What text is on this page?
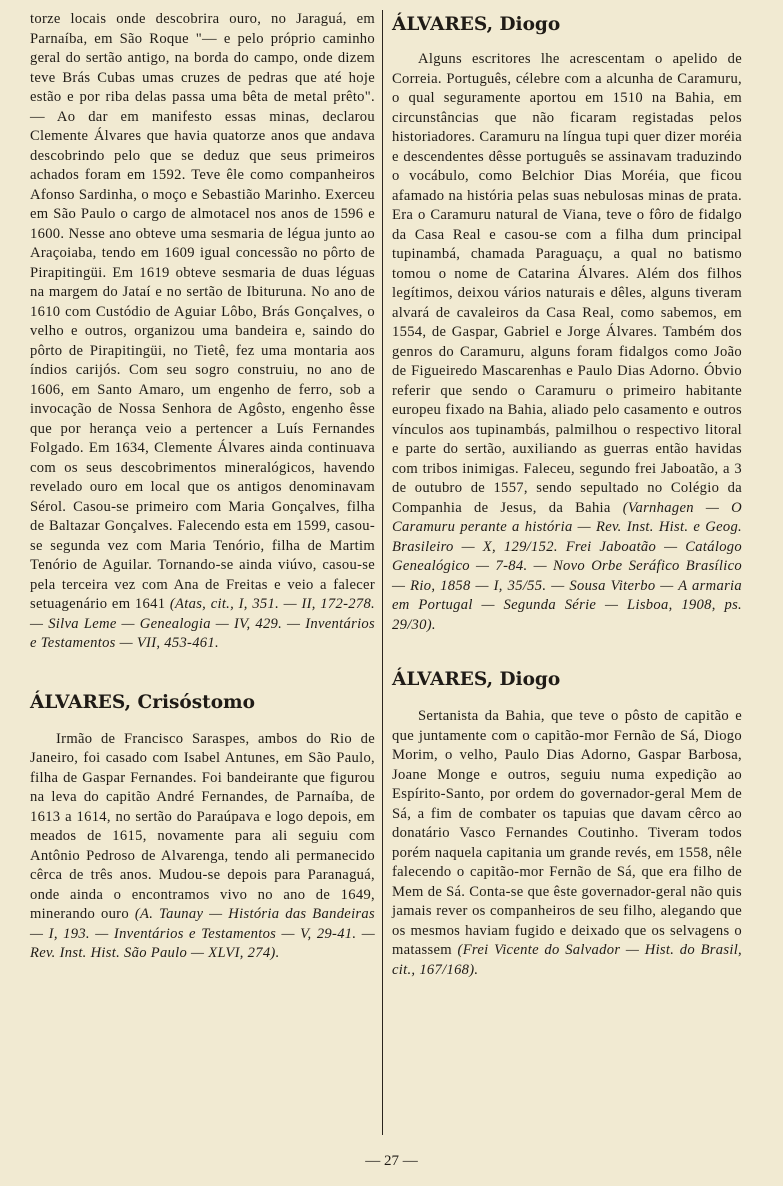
torze locais onde descobrira ouro, no Jaraguá, em Parnaíba, em São Roque "— e pelo próprio caminho geral do sertão antigo, na borda do campo, onde dizem teve Brás Cubas umas cruzes de pedras que até hoje estão e por riba delas passa uma bêta de metal prêto". — Ao dar em manifesto essas minas, declarou Clemente Álvares que havia quatorze anos que andava descobrindo pelo que se deduz que seus primeiros achados foram em 1592. Teve êle como companheiros Afonso Sardinha, o moço e Sebastião Marinho. Exerceu em São Paulo o cargo de almotacel nos anos de 1596 e 1600. Nesse ano obteve uma sesmaria de légua junto ao Araçoiaba, tendo em 1609 igual concessão no pôrto de Pirapitingüi. Em 1619 obteve sesmaria de duas léguas na margem do Jataí e no sertão de Ibituruna. No ano de 1610 com Custódio de Aguiar Lôbo, Brás Gonçalves, o velho e outros, organizou uma bandeira e, saindo do pôrto de Pirapitingüi, no Tietê, fez uma montaria aos índios carijós. Com seu sogro construiu, no ano de 1606, em Santo Amaro, um engenho de ferro, sob a invocação de Nossa Senhora de Agôsto, engenho êsse que por herança veio a pertencer a Luís Fernandes Folgado. Em 1634, Clemente Álvares ainda continuava com os seus descobrimentos mineralógicos, havendo revelado ouro em local que os antigos denominavam Sérol. Casou-se primeiro com Maria Gonçalves, filha de Baltazar Gonçalves. Falecendo esta em 1599, casou-se segunda vez com Maria Tenório, filha de Martim Tenório de Aguilar. Tornando-se ainda viúvo, casou-se pela terceira vez com Ana de Freitas e veio a falecer setuagenário em 1641 (Atas, cit., I, 351. — II, 172-278. — Silva Leme — Genealogia — IV, 429. — Inventários e Testamentos — VII, 453-461.

ÁLVARES, Crisóstomo

Irmão de Francisco Saraspes, ambos do Rio de Janeiro, foi casado com Isabel Antunes, em São Paulo, filha de Gaspar Fernandes. Foi bandeirante que figurou na leva do capitão André Fernandes, de Parnaíba, de 1613 a 1614, no sertão do Paraúpava e logo depois, em meados de 1615, novamente para ali seguiu com Antônio Pedroso de Alvarenga, tendo ali permanecido cêrca de três anos. Mudou-se depois para Paranaguá, onde ainda o encontramos vivo no ano de 1649, minerando ouro (A. Taunay — História das Bandeiras — I, 193. — Inventários e Testamentos — V, 29-41. — Rev. Inst. Hist. São Paulo — XLVI, 274).

ÁLVARES, Diogo

Alguns escritores lhe acrescentam o apelido de Correia. Português, célebre com a alcunha de Caramuru, o qual seguramente aportou em 1510 na Bahia, em circunstâncias que não ficaram registadas pelos historiadores. Caramuru na língua tupi quer dizer moréia e descendentes dêsse português se assinavam traduzindo o vocábulo, como Belchior Dias Moréia, que ficou afamado na história pelas suas nebulosas minas de prata. Era o Caramuru natural de Viana, teve o fôro de fidalgo da Casa Real e casou-se com a filha dum principal tupinambá, chamada Paraguaçu, a qual no batismo tomou o nome de Catarina Álvares. Além dos filhos legítimos, deixou vários naturais e dêles, alguns tiveram alvará de cavaleiros da Casa Real, como sabemos, em 1554, de Gaspar, Gabriel e Jorge Álvares. Também dos genros do Caramuru, alguns foram fidalgos como João de Figueiredo Mascarenhas e Paulo Dias Adorno. Óbvio referir que sendo o Caramuru o primeiro habitante europeu fixado na Bahia, aliado pelo casamento e outros vínculos aos tupinambás, palmilhou o respectivo litoral e parte do sertão, auxiliando as guerras então havidas com tribos inimigas. Faleceu, segundo frei Jaboatão, a 3 de outubro de 1557, sendo sepultado no Colégio da Companhia de Jesus, da Bahia (Varnhagen — O Caramuru perante a história — Rev. Inst. Hist. e Geog. Brasileiro — X, 129/152. Frei Jaboatão — Catálogo Genealógico — 7-84. — Novo Orbe Seráfico Brasílico — Rio, 1858 — I, 35/55. — Sousa Viterbo — A armaria em Portugal — Segunda Série — Lisboa, 1908, ps. 29/30).

ÁLVARES, Diogo

Sertanista da Bahia, que teve o pôsto de capitão e que juntamente com o capitão-mor Fernão de Sá, Diogo Morim, o velho, Paulo Dias Adorno, Gaspar Barbosa, Joane Monge e outros, seguiu numa expedição ao Espírito-Santo, por ordem do governador-geral Mem de Sá, a fim de combater os tapuias que davam cêrco ao donatário Vasco Fernandes Coutinho. Tiveram todos porém naquela capitania um grande revés, em 1558, nêle falecendo o capitão-mor Fernão de Sá, que era filho de Mem de Sá. Conta-se que êste governador-geral não quis jamais rever os companheiros de seu filho, alegando que os mesmos haviam fugido e deixado que os selvagens o matassem (Frei Vicente do Salvador — Hist. do Brasil, cit., 167/168).

— 27 —
